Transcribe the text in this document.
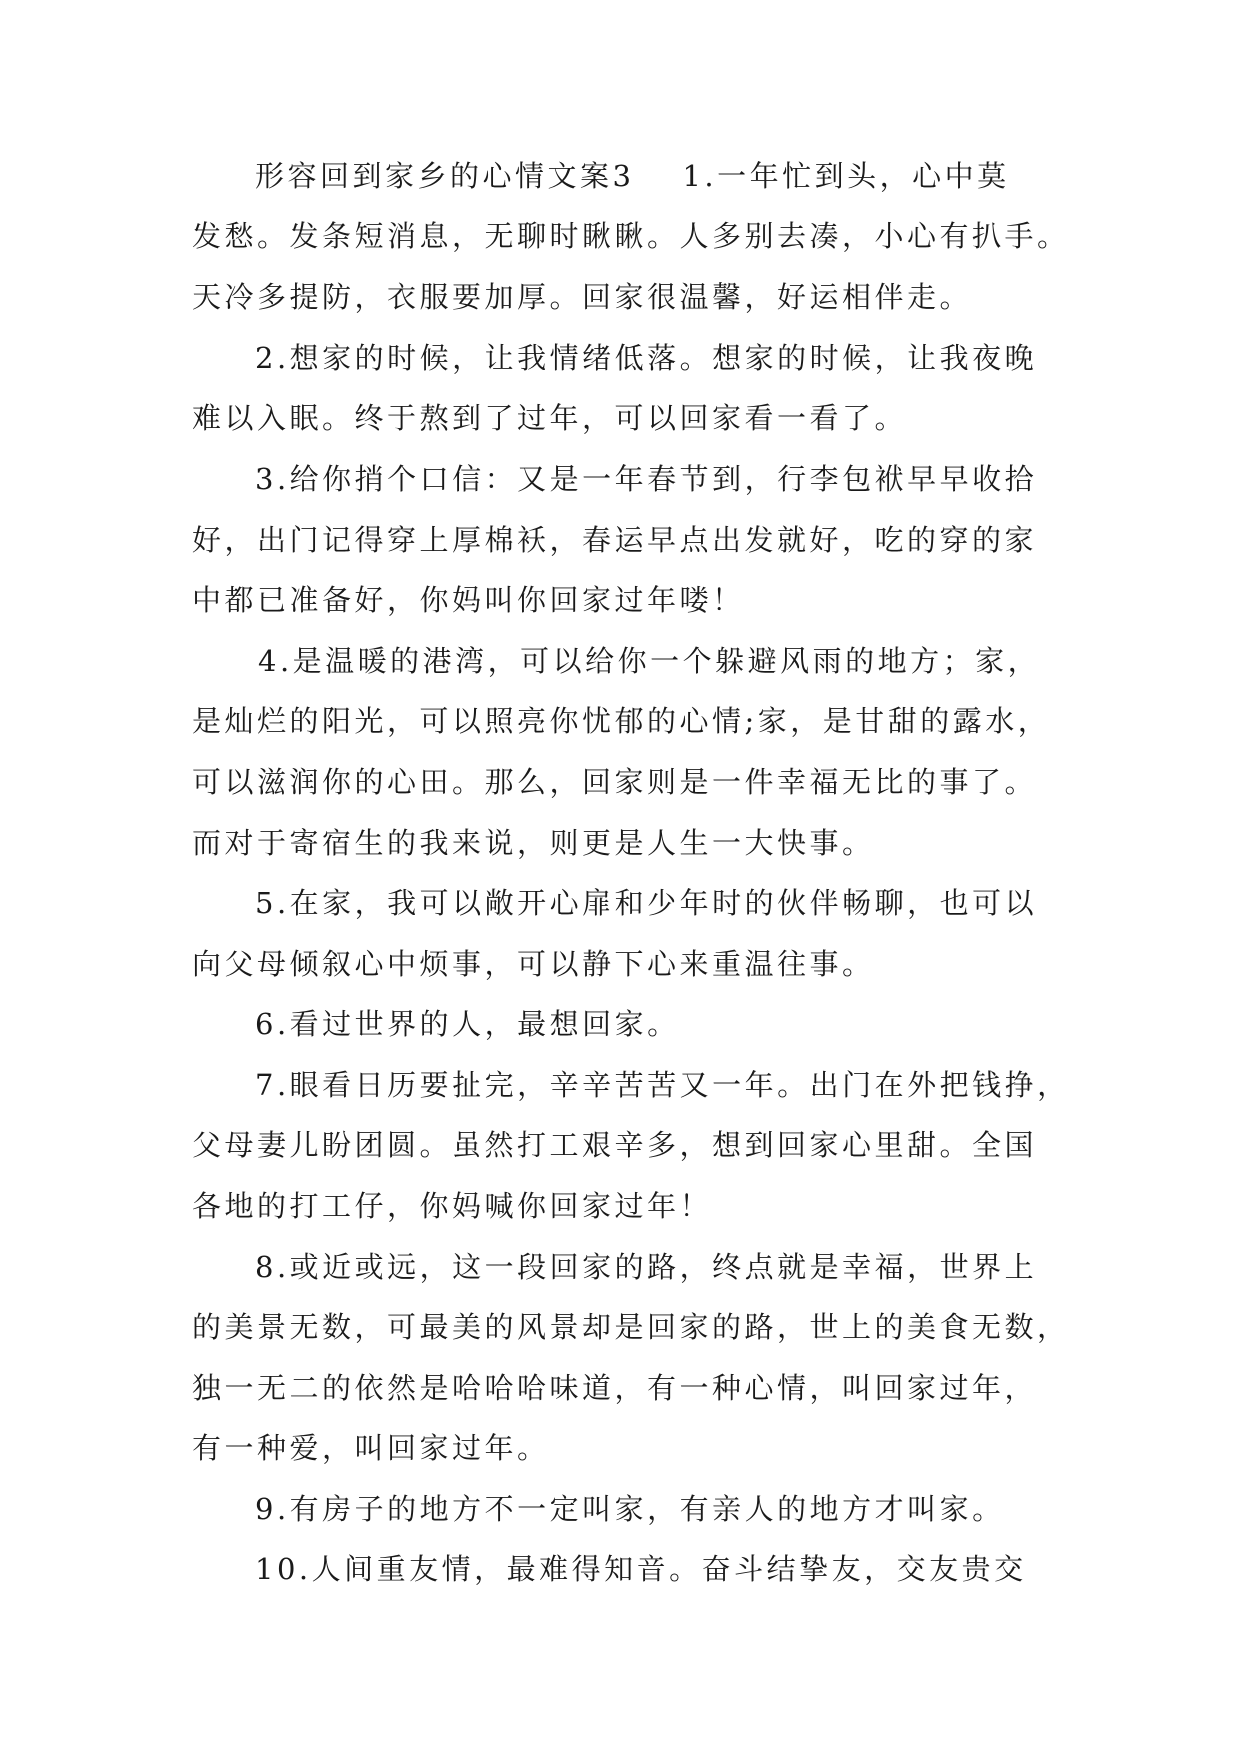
形容回到家乡的心情文案3 1.一年忙到头，心中莫
发愁。发条短消息，无聊时瞅瞅。人多别去凑，小心有扒手。
天冷多提防，衣服要加厚。回家很温馨，好运相伴走。
2.想家的时候，让我情绪低落。想家的时候，让我夜晚
难以入眠。终于熬到了过年，可以回家看一看了。
3.给你捎个口信：又是一年春节到，行李包袱早早收拾
好，出门记得穿上厚棉袄，春运早点出发就好，吃的穿的家
中都已准备好，你妈叫你回家过年喽！
4.是温暖的港湾，可以给你一个躲避风雨的地方；家，
是灿烂的阳光，可以照亮你忧郁的心情;家，是甘甜的露水，
可以滋润你的心田。那么，回家则是一件幸福无比的事了。
而对于寄宿生的我来说，则更是人生一大快事。
5.在家，我可以敞开心扉和少年时的伙伴畅聊，也可以
向父母倾叙心中烦事，可以静下心来重温往事。
6.看过世界的人，最想回家。
7.眼看日历要扯完，辛辛苦苦又一年。出门在外把钱挣，
父母妻儿盼团圆。虽然打工艰辛多，想到回家心里甜。全国
各地的打工仔，你妈喊你回家过年！
8.或近或远，这一段回家的路，终点就是幸福，世界上
的美景无数，可最美的风景却是回家的路，世上的美食无数，
独一无二的依然是哈哈哈味道，有一种心情，叫回家过年，
有一种爱，叫回家过年。
9.有房子的地方不一定叫家，有亲人的地方才叫家。
10.人间重友情，最难得知音。奋斗结挚友，交友贵交
